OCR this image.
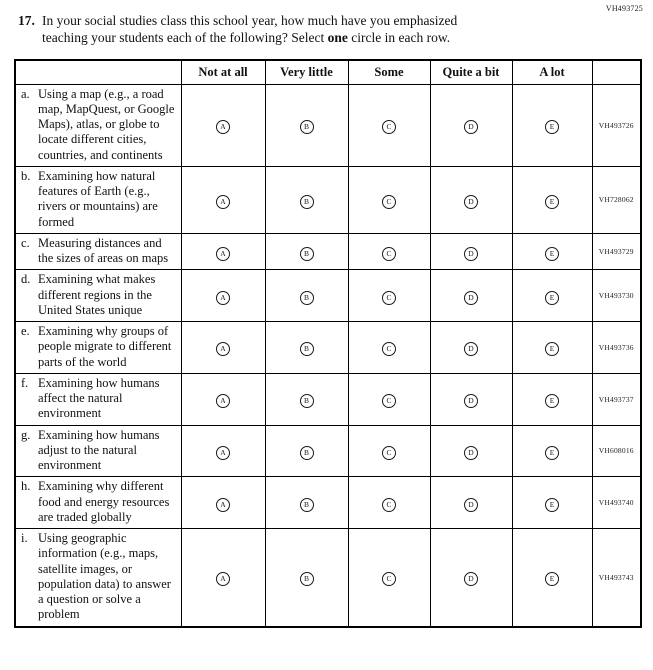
VH493725
17. In your social studies class this school year, how much have you emphasized
teaching your students each of the following? Select one circle in each row.
	Not at all	Very little	Some	Quite a bit	A lot	

a. Using a map (e.g., a road map, MapQuest, or Google Maps), atlas, or globe to locate different cities, countries, and continents	A	B	C	D	E	VH493726

b. Examining how natural features of Earth (e.g., rivers or mountains) are formed	A	B	C	D	E	VH728062

c. Measuring distances and the sizes of areas on maps	A	B	C	D	E	VH493729

d. Examining what makes different regions in the United States unique	A	B	C	D	E	VH493730

e. Examining why groups of people migrate to different parts of the world	A	B	C	D	E	VH493736

f. Examining how humans affect the natural environment	A	B	C	D	E	VH493737

g. Examining how humans adjust to the natural environment	A	B	C	D	E	VH608016

h. Examining why different food and energy resources are traded globally	A	B	C	D	E	VH493740

i. Using geographic information (e.g., maps, satellite images, or population data) to answer a question or solve a problem	A	B	C	D	E	VH493743
